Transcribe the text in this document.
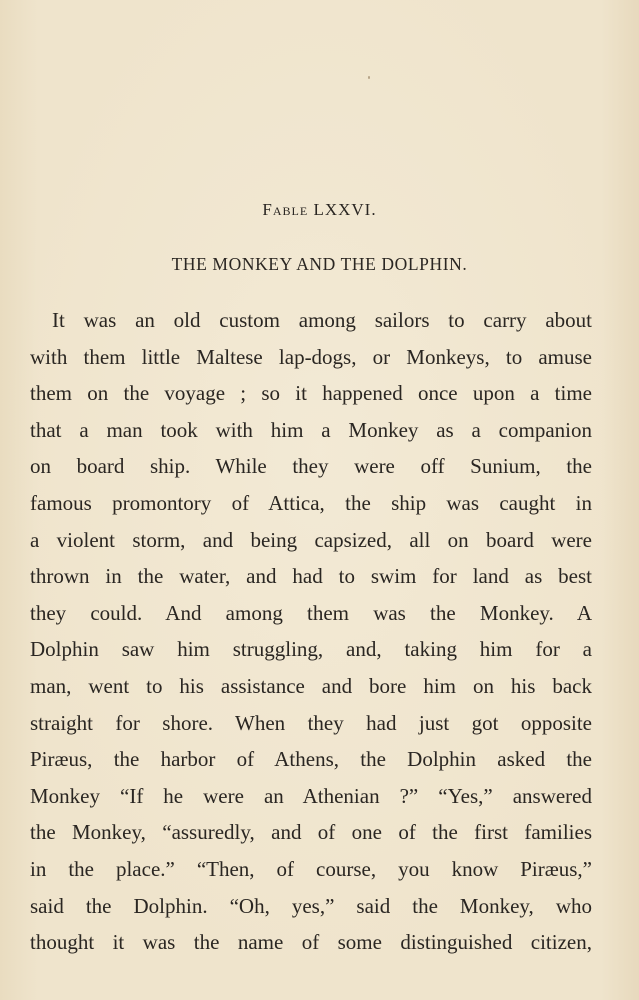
Fable LXXVI.
THE MONKEY AND THE DOLPHIN.
It was an old custom among sailors to carry about
with them little Maltese lap-dogs, or Monkeys, to amuse
them on the voyage ; so it happened once upon a time
that a man took with him a Monkey as a companion
on board ship. While they were off Sunium, the
famous promontory of Attica, the ship was caught in
a violent storm, and being capsized, all on board were
thrown in the water, and had to swim for land as best
they could. And among them was the Monkey. A
Dolphin saw him struggling, and, taking him for a
man, went to his assistance and bore him on his back
straight for shore. When they had just got opposite
Piræus, the harbor of Athens, the Dolphin asked the
Monkey “If he were an Athenian ?” “Yes,” answered
the Monkey, “assuredly, and of one of the first families
in the place.” “Then, of course, you know Piræus,”
said the Dolphin. “Oh, yes,” said the Monkey, who
thought it was the name of some distinguished citizen,
